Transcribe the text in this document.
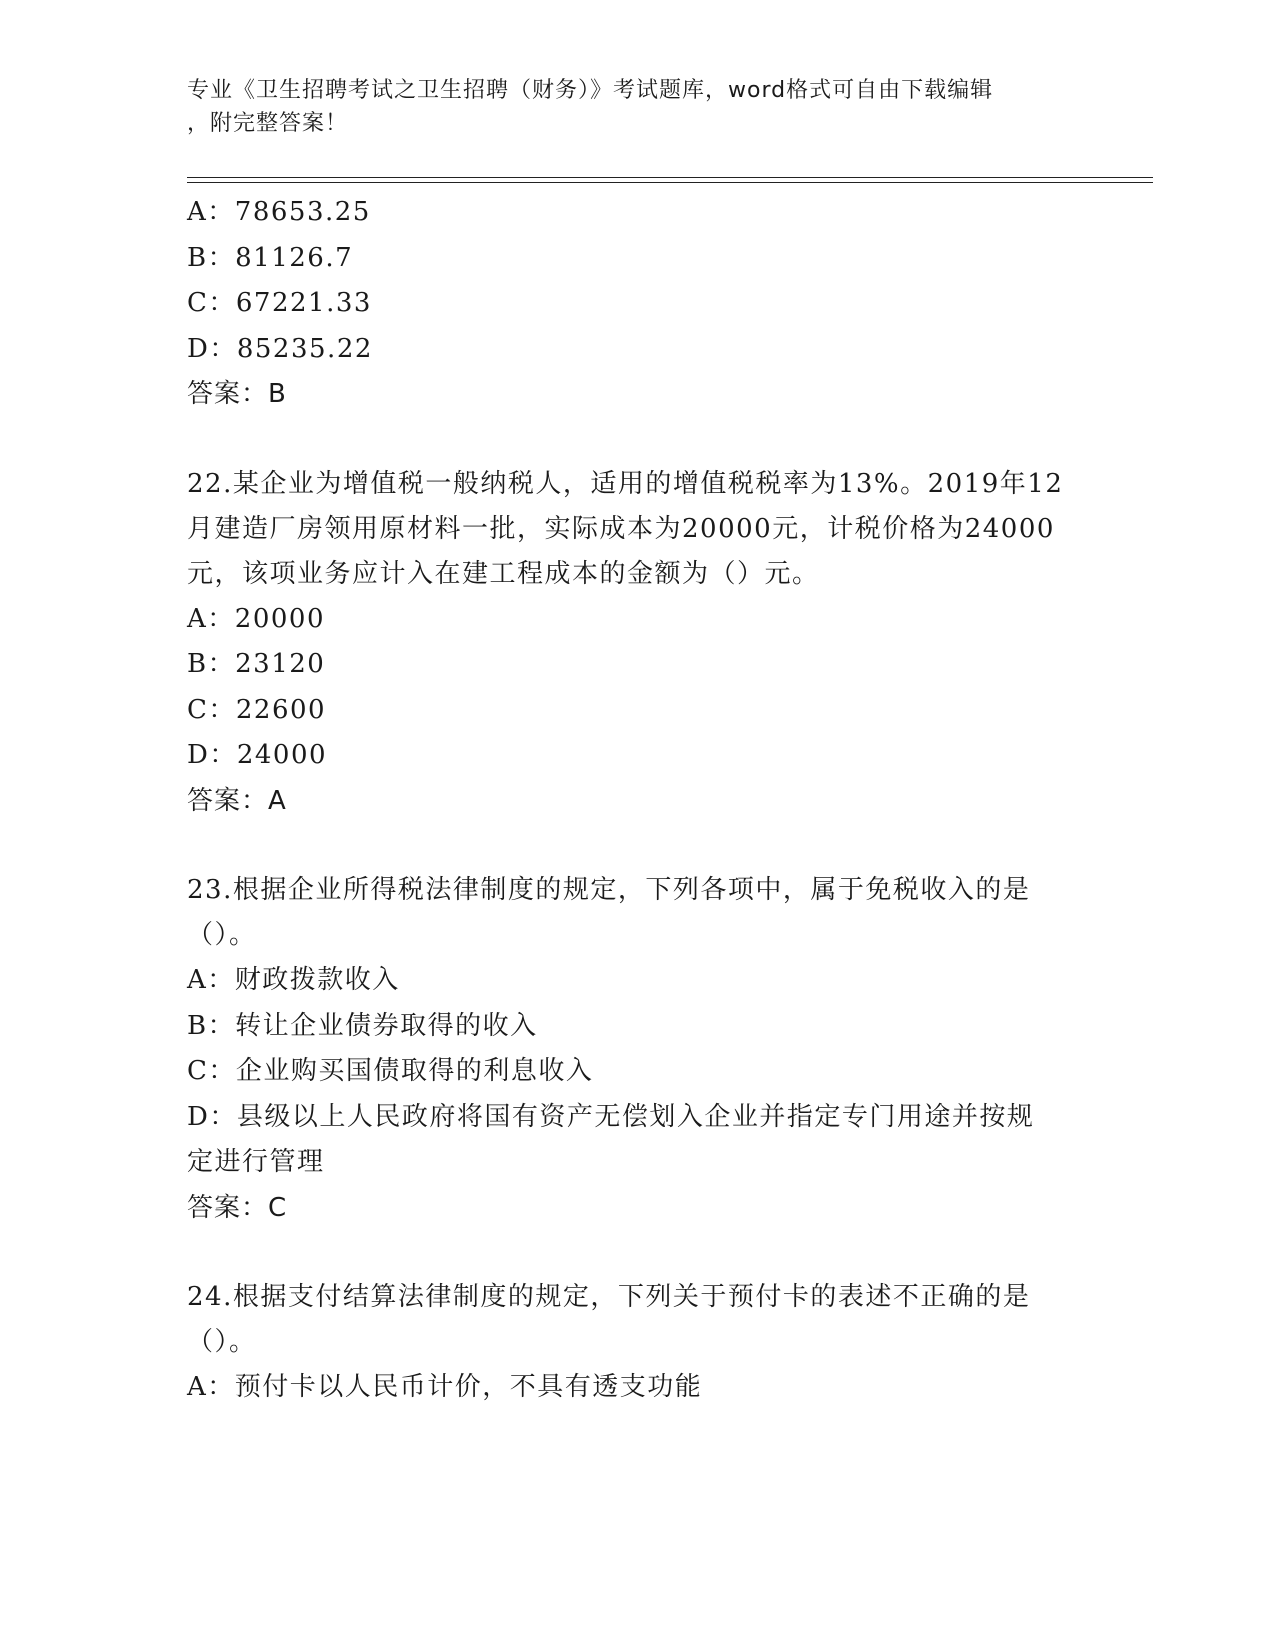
专业《卫生招聘考试之卫生招聘（财务）》考试题库，word格式可自由下载编辑
，附完整答案！
A：78653.25
B：81126.7
C：67221.33
D：85235.22
答案：B
22.某企业为增值税一般纳税人，适用的增值税税率为13%。2019年12
月建造厂房领用原材料一批，实际成本为20000元，计税价格为24000
元，该项业务应计入在建工程成本的金额为（）元。
A：20000
B：23120
C：22600
D：24000
答案：A
23.根据企业所得税法律制度的规定，下列各项中，属于免税收入的是
（）。
A：财政拨款收入
B：转让企业债券取得的收入
C：企业购买国债取得的利息收入
D：县级以上人民政府将国有资产无偿划入企业并指定专门用途并按规
定进行管理
答案：C
24.根据支付结算法律制度的规定，下列关于预付卡的表述不正确的是
（）。
A：预付卡以人民币计价，不具有透支功能
